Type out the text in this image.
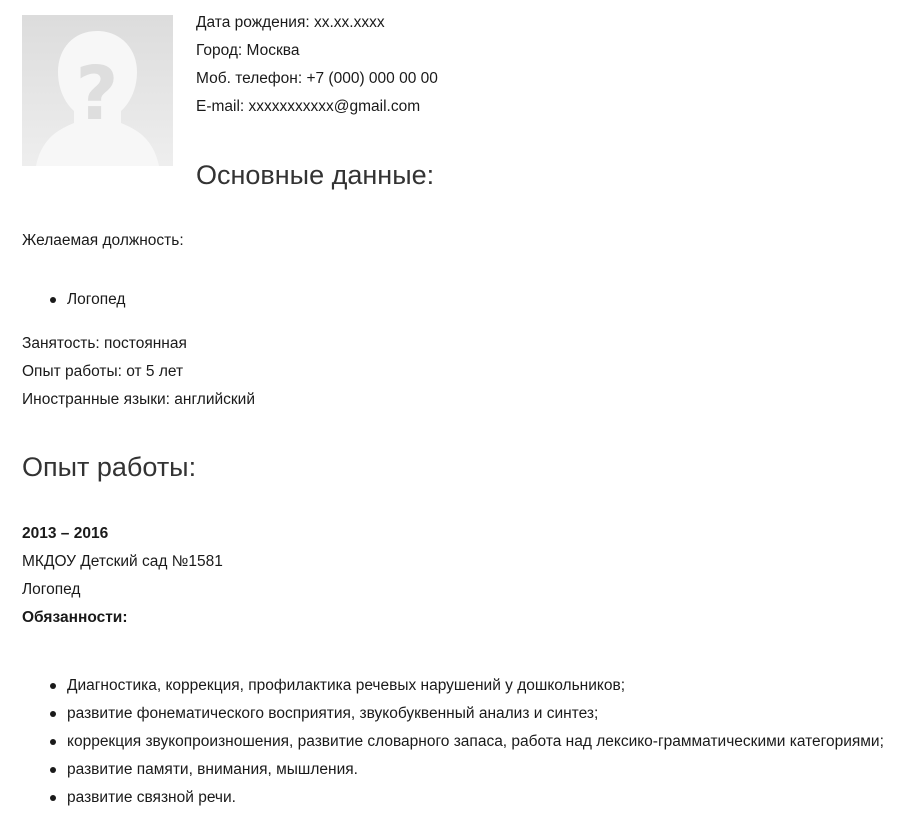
?
Дата рождения: xx.xx.xxxx
Город: Москва
Моб. телефон: +7 (000) 000 00 00
E-mail: xxxxxxxxxxx@gmail.com
Основные данные:
Желаемая должность:
Логопед
Занятость: постоянная
Опыт работы: от 5 лет
Иностранные языки: английский
Опыт работы:
2013 – 2016
МКДОУ Детский сад №1581
Логопед
Обязанности:
Диагностика, коррекция, профилактика речевых нарушений у дошкольников;
развитие фонематического восприятия, звукобуквенный анализ и синтез;
коррекция звукопроизношения, развитие словарного запаса, работа над лексико-грамматическими категориями;
развитие памяти, внимания, мышления.
развитие связной речи.
